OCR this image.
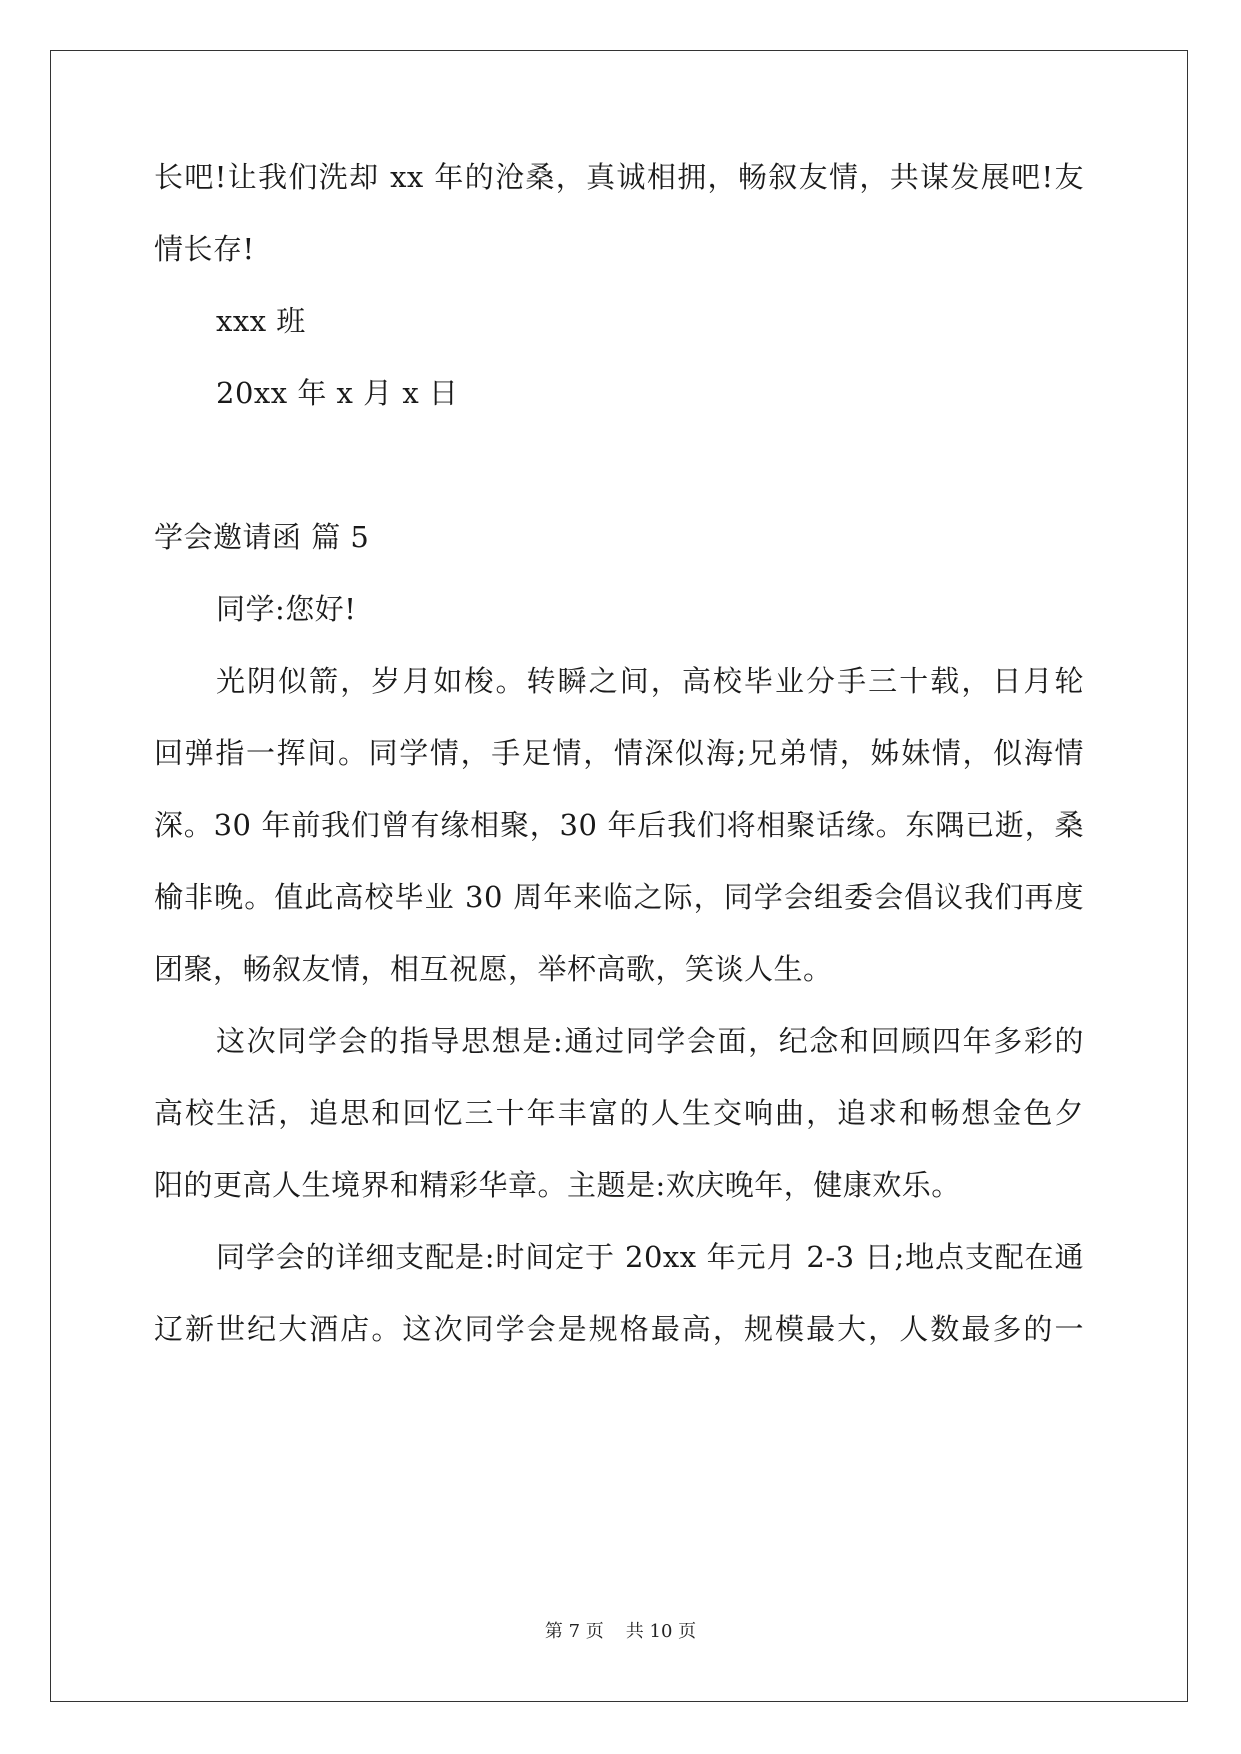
长吧!让我们洗却 xx 年的沧桑，真诚相拥，畅叙友情，共谋发展吧!友
情长存!
xxx 班
20xx 年 x 月 x 日
学会邀请函 篇 5
同学:您好!
光阴似箭，岁月如梭。转瞬之间，高校毕业分手三十载，日月轮
回弹指一挥间。同学情，手足情，情深似海;兄弟情，姊妹情，似海情
深。30 年前我们曾有缘相聚，30 年后我们将相聚话缘。东隅已逝，桑
榆非晚。值此高校毕业 30 周年来临之际，同学会组委会倡议我们再度
团聚，畅叙友情，相互祝愿，举杯高歌，笑谈人生。
这次同学会的指导思想是:通过同学会面，纪念和回顾四年多彩的
高校生活，追思和回忆三十年丰富的人生交响曲，追求和畅想金色夕
阳的更高人生境界和精彩华章。主题是:欢庆晚年，健康欢乐。
同学会的详细支配是:时间定于 20xx 年元月 2-3 日;地点支配在通
辽新世纪大酒店。这次同学会是规格最高，规模最大，人数最多的一
第 7 页 共 10 页
